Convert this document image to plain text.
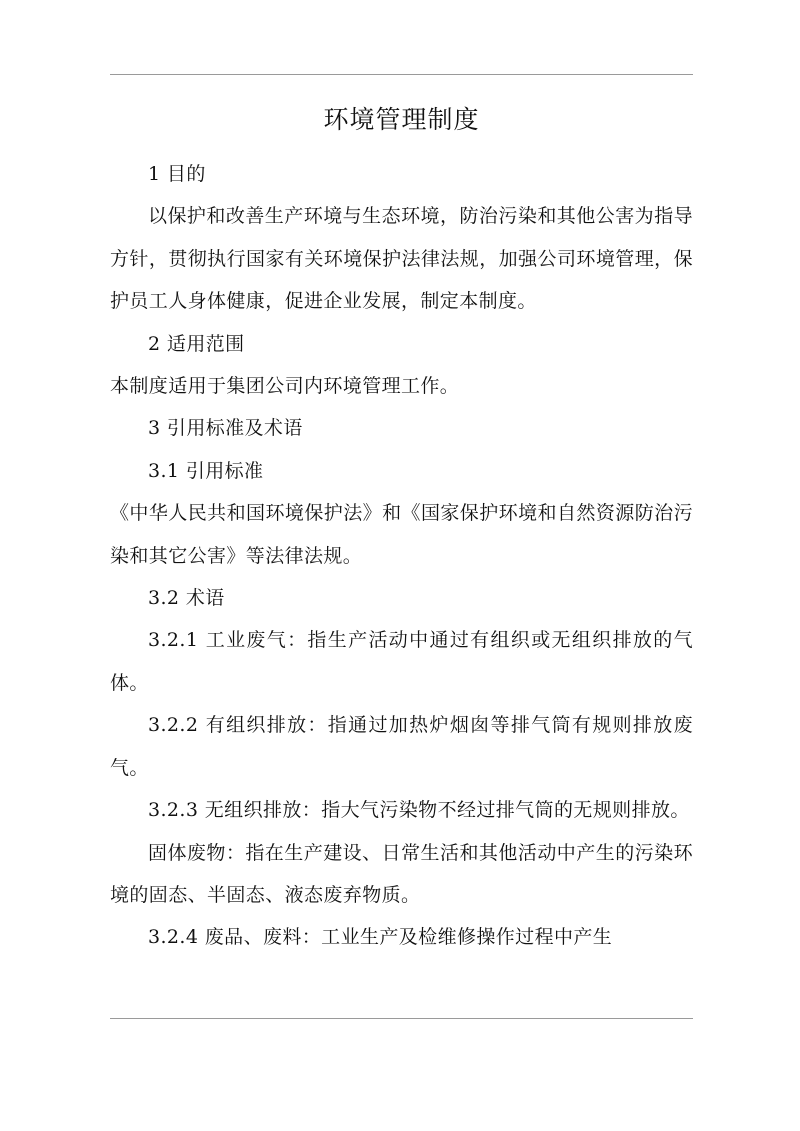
环境管理制度

1 目的

以保护和改善生产环境与生态环境，防治污染和其他公害为指导方针，贯彻执行国家有关环境保护法律法规，加强公司环境管理，保护员工人身体健康，促进企业发展，制定本制度。

2 适用范围

本制度适用于集团公司内环境管理工作。

3 引用标准及术语

3.1 引用标准

《中华人民共和国环境保护法》和《国家保护环境和自然资源防治污染和其它公害》等法律法规。

3.2 术语

3.2.1 工业废气：指生产活动中通过有组织或无组织排放的气体。

3.2.2 有组织排放：指通过加热炉烟囱等排气筒有规则排放废气。

3.2.3 无组织排放：指大气污染物不经过排气筒的无规则排放。

固体废物：指在生产建设、日常生活和其他活动中产生的污染环境的固态、半固态、液态废弃物质。

3.2.4 废品、废料：工业生产及检维修操作过程中产生
